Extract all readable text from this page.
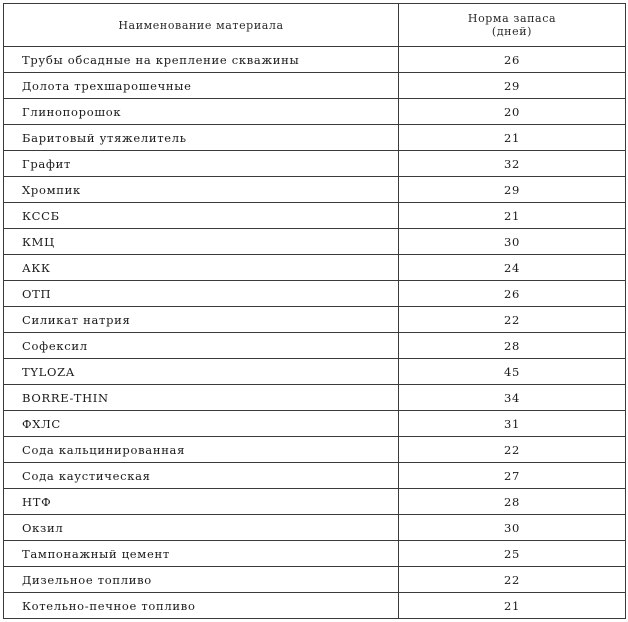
Наименование материала	Норма запаса
(дней)

Трубы обсадные на крепление скважины	26
Долота трехшарошечные	29
Глинопорошок	20
Баритовый утяжелитель	21
Графит	32
Хромпик	29
КССБ	21
КМЦ	30
АКК	24
ОТП	26
Силикат натрия	22
Софексил	28
TYLOZA	45
BORRE-THIN	34
ФХЛС	31
Сода кальцинированная	22
Сода каустическая	27
НТФ	28
Окзил	30
Тампонажный цемент	25
Дизельное топливо	22
Котельно-печное топливо	21
